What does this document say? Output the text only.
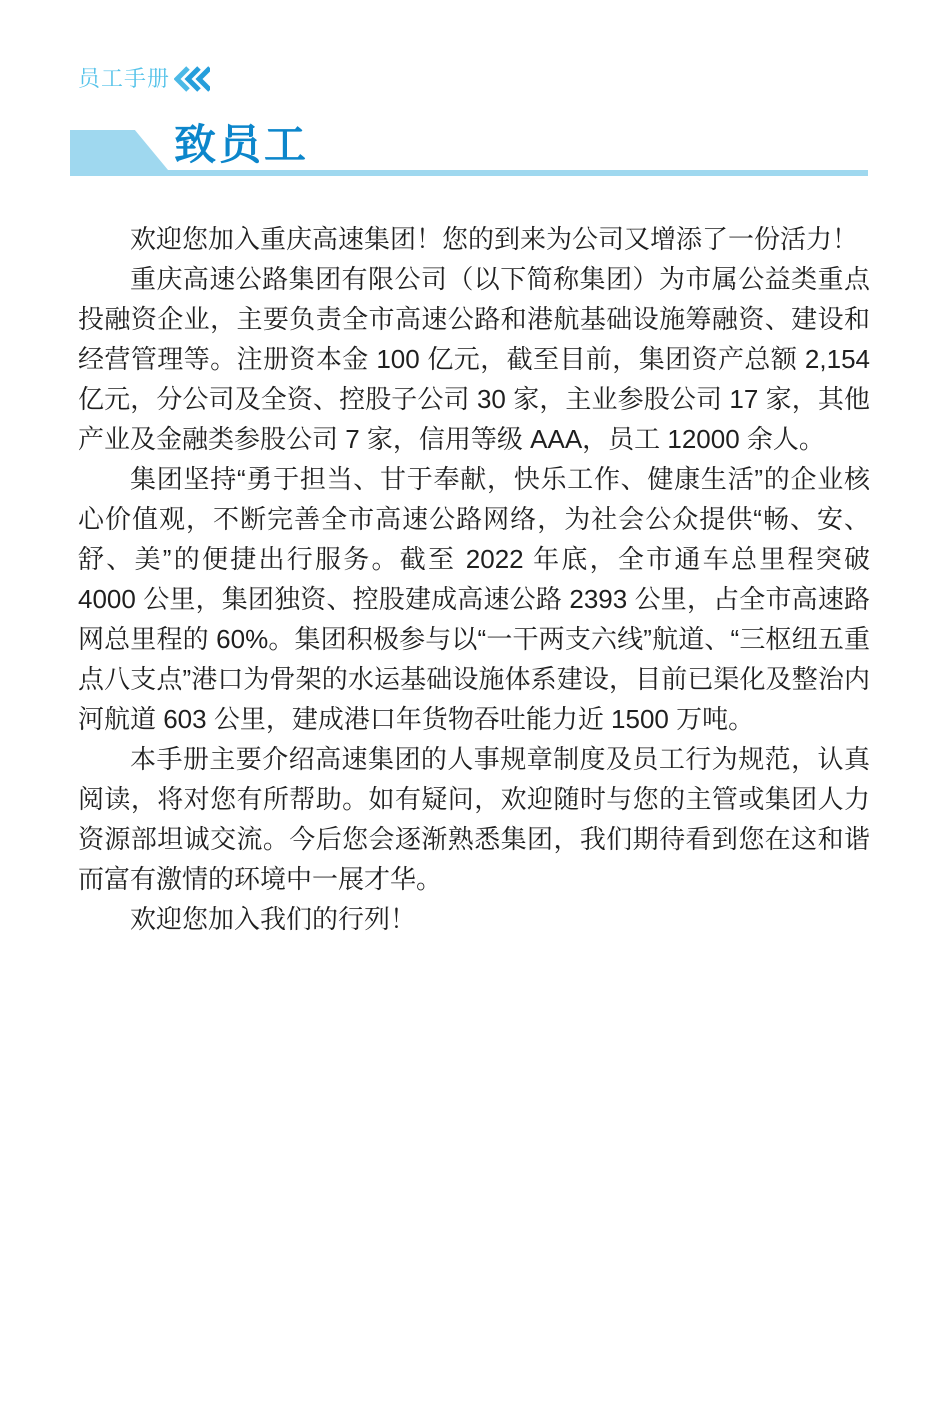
员工手册
致员工

欢迎您加入重庆高速集团！您的到来为公司又增添了一份活力！

重庆高速公路集团有限公司（以下简称集团）为市属公益类重点投融资企业，主要负责全市高速公路和港航基础设施筹融资、建设和经营管理等。注册资本金 100 亿元，截至目前，集团资产总额 2,154 亿元，分公司及全资、控股子公司 30 家，主业参股公司 17 家，其他产业及金融类参股公司 7 家，信用等级 AAA，员工 12000 余人。

集团坚持“勇于担当、甘于奉献，快乐工作、健康生活”的企业核心价值观，不断完善全市高速公路网络，为社会公众提供“畅、安、舒、美”的便捷出行服务。截至 2022 年底，全市通车总里程突破 4000 公里，集团独资、控股建成高速公路 2393 公里，占全市高速路网总里程的 60%。集团积极参与以“一干两支六线”航道、“三枢纽五重点八支点”港口为骨架的水运基础设施体系建设，目前已渠化及整治内河航道 603 公里，建成港口年货物吞吐能力近 1500 万吨。

本手册主要介绍高速集团的人事规章制度及员工行为规范，认真阅读，将对您有所帮助。如有疑问，欢迎随时与您的主管或集团人力资源部坦诚交流。今后您会逐渐熟悉集团，我们期待看到您在这和谐而富有激情的环境中一展才华。

欢迎您加入我们的行列！
